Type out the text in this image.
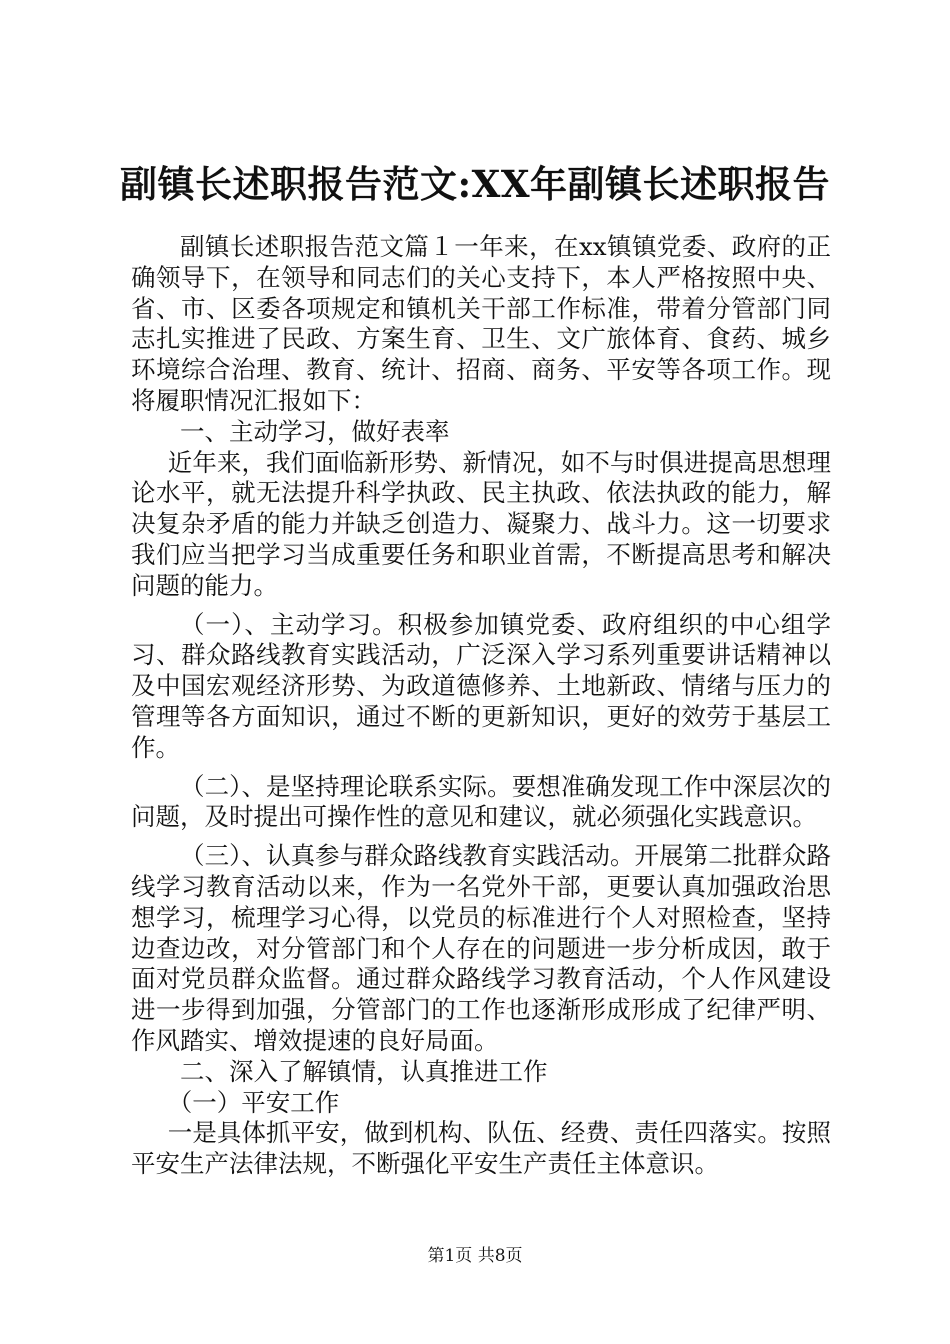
副镇长述职报告范文:XX年副镇长述职报告

副镇长述职报告范文篇１一年来，在xx镇镇党委、政府的正确领导下，在领导和同志们的关心支持下，本人严格按照中央、省、市、区委各项规定和镇机关干部工作标准，带着分管部门同志扎实推进了民政、方案生育、卫生、文广旅体育、食药、城乡环境综合治理、教育、统计、招商、商务、平安等各项工作。现将履职情况汇报如下：

一、主动学习，做好表率

近年来，我们面临新形势、新情况，如不与时俱进提高思想理论水平，就无法提升科学执政、民主执政、依法执政的能力，解决复杂矛盾的能力并缺乏创造力、凝聚力、战斗力。这一切要求我们应当把学习当成重要任务和职业首需，不断提高思考和解决问题的能力。

（一）、主动学习。积极参加镇党委、政府组织的中心组学习、群众路线教育实践活动，广泛深入学习系列重要讲话精神以及中国宏观经济形势、为政道德修养、土地新政、情绪与压力的管理等各方面知识，通过不断的更新知识，更好的效劳于基层工作。

（二）、是坚持理论联系实际。要想准确发现工作中深层次的问题，及时提出可操作性的意见和建议，就必须强化实践意识。

（三）、认真参与群众路线教育实践活动。开展第二批群众路线学习教育活动以来，作为一名党外干部，更要认真加强政治思想学习，梳理学习心得，以党员的标准进行个人对照检查，坚持边查边改，对分管部门和个人存在的问题进一步分析成因，敢于面对党员群众监督。通过群众路线学习教育活动，个人作风建设进一步得到加强，分管部门的工作也逐渐形成形成了纪律严明、作风踏实、增效提速的良好局面。

二、深入了解镇情，认真推进工作

（一）平安工作

一是具体抓平安，做到机构、队伍、经费、责任四落实。按照平安生产法律法规，不断强化平安生产责任主体意识。

第1页 共8页
